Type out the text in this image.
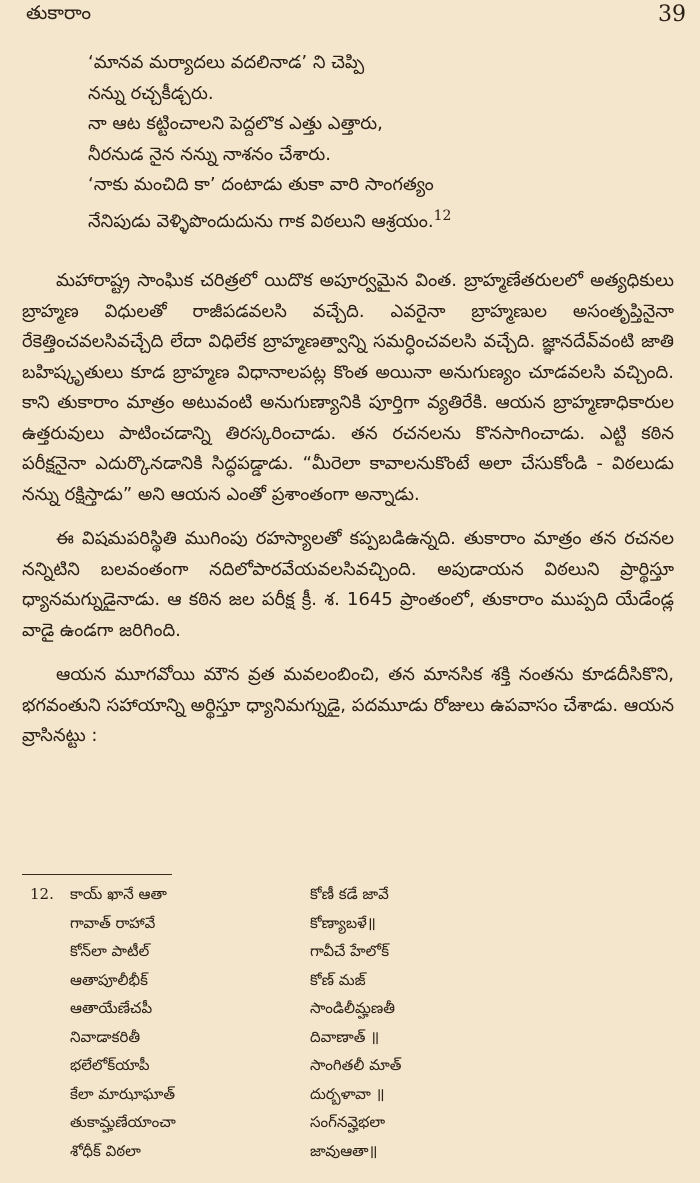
తుకారాం	39
‘మానవ మర్యాదలు వదలినాడ’ ని చెప్పి
నన్ను రచ్చకీడ్చరు.
నా ఆట కట్టించాలని పెద్దలొక ఎత్తు ఎత్తారు,
నీరనుడ నైన నన్ను నాశనం చేశారు.
‘నాకు మంచిది కా’ దంటాడు తుకా వారి సాంగత్యం
నేనిపుడు వెళ్ళిపొందుదును గాక విఠలుని ఆశ్రయం.$^{12}$

మహారాష్ట్ర సాంఘిక చరిత్రలో యిదొక అపూర్వమైన వింత. బ్రాహ్మణేతరులలో అత్యధికులు బ్రాహ్మణ విధులతో రాజీపడవలసి వచ్చేది. ఎవరైనా బ్రాహ్మణుల అసంతృప్తినైనా రేకెత్తించవలసివచ్చేది లేదా విధిలేక బ్రాహ్మణత్వాన్ని సమర్ధించవలసి వచ్చేది. జ్ఞానదేవ్‌వంటి జాతి బహిష్కృతులు కూడ బ్రాహ్మణ విధానాలపట్ల కొంత అయినా అనుగుణ్యం చూడవలసి వచ్చింది. కాని తుకారాం మాత్రం అటువంటి అనుగుణ్యానికి పూర్తిగా వ్యతిరేకి. ఆయన బ్రాహ్మణాధికారుల ఉత్తరువులు పాటించడాన్ని తిరస్కరించాడు. తన రచనలను కొనసాగించాడు. ఎట్టి కఠిన పరీక్షనైనా ఎదుర్కొనడానికి సిద్ధపడ్డాడు. “మీరెలా కావాలనుకొంటే అలా చేసుకోండి - విఠలుడు నన్ను రక్షిస్తాడు” అని ఆయన ఎంతో ప్రశాంతంగా అన్నాడు.

ఈ విషమపరిస్థితి ముగింపు రహస్యాలతో కప్పబడిఉన్నది. తుకారాం మాత్రం తన రచనల నన్నిటిని బలవంతంగా నదిలోపారవేయవలసివచ్చింది. అపుడాయన విఠలుని ప్రార్థిస్తూ ధ్యానమగ్నుడైనాడు. ఆ కఠిన జల పరీక్ష క్రీ. శ. 1645 ప్రాంతంలో, తుకారాం ముప్పది యేడేండ్ల వాడై ఉండగా జరిగింది.

ఆయన మూగవోయి మౌన వ్రత మవలంబించి, తన మానసిక శక్తి నంతను కూడదీసికొని, భగవంతుని సహాయాన్ని అర్థిస్తూ ధ్యానిమగ్నుడై, పదమూడు రోజులు ఉపవాసం చేశాడు. ఆయన వ్రాసినట్టు :

12.	కాయ్ ఖానే ఆతా	కోణీ కడే జావే
గావాత్ రాహావే	కోణ్యాబళే॥
కోన్‌లా పాటీల్	గావీచే హేలోక్
ఆతాపూలీభీక్	కోణ్ మజ్
ఆతాయేణేచపీ	సాండిలీమ్హణతీ
నివాడాకరితీ	దివాణాత్ ॥
భలేలోక్‌యాపీ	సాంగితలీ మాత్
కేలా మాఝాఘాత్	దుర్బళావా ॥
తుకామ్హణేయాంచా	సంగ్‌నవ్హెభలా
శోధీక్ విఠలా	జావుఆతా॥
